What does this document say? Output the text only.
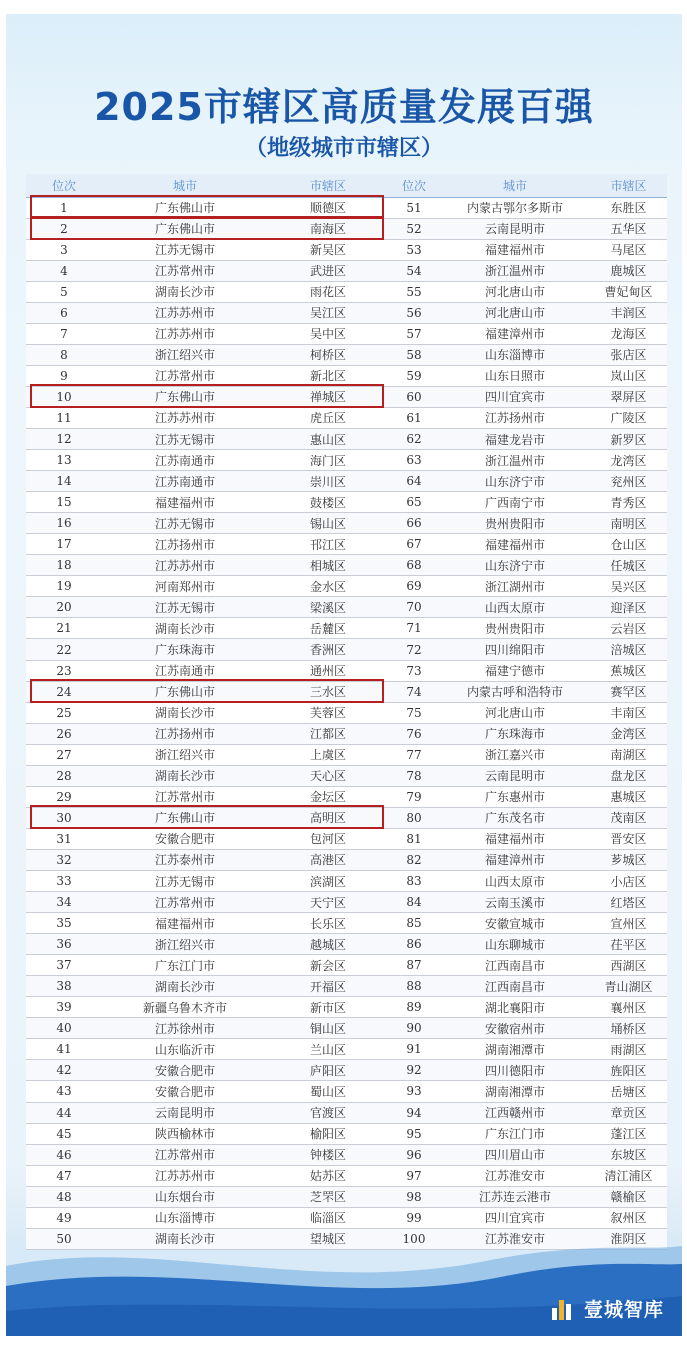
2025市辖区高质量发展百强
（地级城市市辖区）
位次	城市	市辖区	位次	城市	市辖区
1	广东佛山市	顺德区	51	内蒙古鄂尔多斯市	东胜区
2	广东佛山市	南海区	52	云南昆明市	五华区
3	江苏无锡市	新吴区	53	福建福州市	马尾区
4	江苏常州市	武进区	54	浙江温州市	鹿城区
5	湖南长沙市	雨花区	55	河北唐山市	曹妃甸区
6	江苏苏州市	吴江区	56	河北唐山市	丰润区
7	江苏苏州市	吴中区	57	福建漳州市	龙海区
8	浙江绍兴市	柯桥区	58	山东淄博市	张店区
9	江苏常州市	新北区	59	山东日照市	岚山区
10	广东佛山市	禅城区	60	四川宜宾市	翠屏区
11	江苏苏州市	虎丘区	61	江苏扬州市	广陵区
12	江苏无锡市	惠山区	62	福建龙岩市	新罗区
13	江苏南通市	海门区	63	浙江温州市	龙湾区
14	江苏南通市	崇川区	64	山东济宁市	兖州区
15	福建福州市	鼓楼区	65	广西南宁市	青秀区
16	江苏无锡市	锡山区	66	贵州贵阳市	南明区
17	江苏扬州市	邗江区	67	福建福州市	仓山区
18	江苏苏州市	相城区	68	山东济宁市	任城区
19	河南郑州市	金水区	69	浙江湖州市	吴兴区
20	江苏无锡市	梁溪区	70	山西太原市	迎泽区
21	湖南长沙市	岳麓区	71	贵州贵阳市	云岩区
22	广东珠海市	香洲区	72	四川绵阳市	涪城区
23	江苏南通市	通州区	73	福建宁德市	蕉城区
24	广东佛山市	三水区	74	内蒙古呼和浩特市	赛罕区
25	湖南长沙市	芙蓉区	75	河北唐山市	丰南区
26	江苏扬州市	江都区	76	广东珠海市	金湾区
27	浙江绍兴市	上虞区	77	浙江嘉兴市	南湖区
28	湖南长沙市	天心区	78	云南昆明市	盘龙区
29	江苏常州市	金坛区	79	广东惠州市	惠城区
30	广东佛山市	高明区	80	广东茂名市	茂南区
31	安徽合肥市	包河区	81	福建福州市	晋安区
32	江苏泰州市	高港区	82	福建漳州市	芗城区
33	江苏无锡市	滨湖区	83	山西太原市	小店区
34	江苏常州市	天宁区	84	云南玉溪市	红塔区
35	福建福州市	长乐区	85	安徽宣城市	宣州区
36	浙江绍兴市	越城区	86	山东聊城市	茌平区
37	广东江门市	新会区	87	江西南昌市	西湖区
38	湖南长沙市	开福区	88	江西南昌市	青山湖区
39	新疆乌鲁木齐市	新市区	89	湖北襄阳市	襄州区
40	江苏徐州市	铜山区	90	安徽宿州市	埇桥区
41	山东临沂市	兰山区	91	湖南湘潭市	雨湖区
42	安徽合肥市	庐阳区	92	四川德阳市	旌阳区
43	安徽合肥市	蜀山区	93	湖南湘潭市	岳塘区
44	云南昆明市	官渡区	94	江西赣州市	章贡区
45	陕西榆林市	榆阳区	95	广东江门市	蓬江区
46	江苏常州市	钟楼区	96	四川眉山市	东坡区
47	江苏苏州市	姑苏区	97	江苏淮安市	清江浦区
48	山东烟台市	芝罘区	98	江苏连云港市	赣榆区
49	山东淄博市	临淄区	99	四川宜宾市	叙州区
50	湖南长沙市	望城区	100	江苏淮安市	淮阴区
壹城智库
